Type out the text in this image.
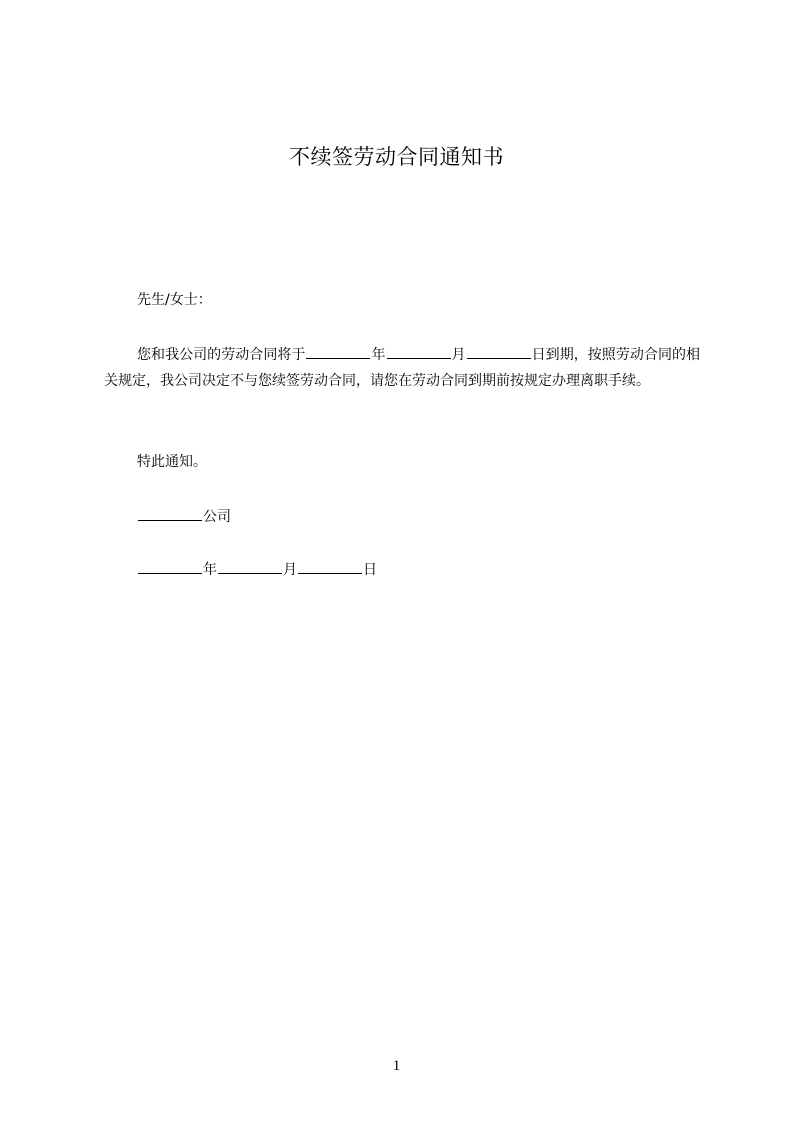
不续签劳动合同通知书
先生/女士：
您和我公司的劳动合同将于	年	月	日到期，按照劳动合同的相关规定，我公司决定不与您续签劳动合同，请您在劳动合同到期前按规定办理离职手续。
特此通知。
公司
年	月	日
1
